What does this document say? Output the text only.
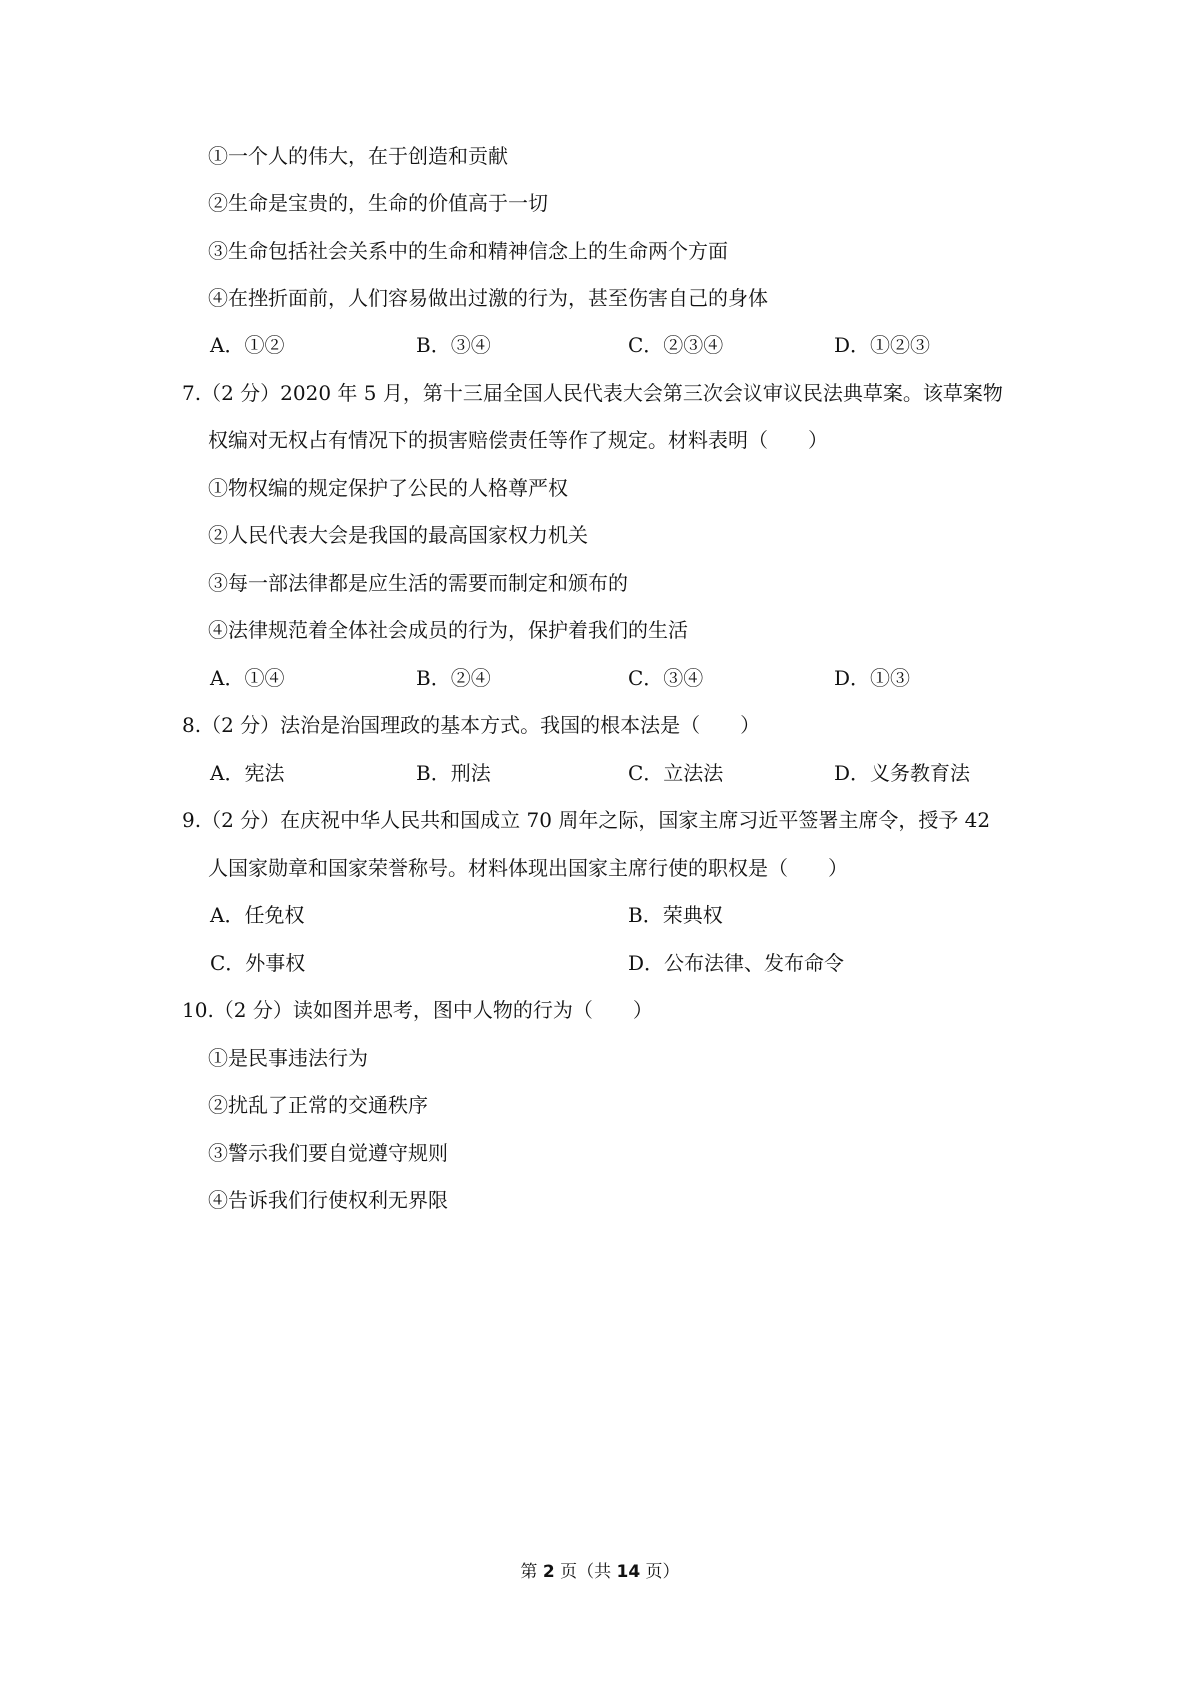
①一个人的伟大，在于创造和贡献
②生命是宝贵的，生命的价值高于一切
③生命包括社会关系中的生命和精神信念上的生命两个方面
④在挫折面前，人们容易做出过激的行为，甚至伤害自己的身体
A．①②	B．③④	C．②③④	D．①②③
7.（2 分）2020 年 5 月，第十三届全国人民代表大会第三次会议审议民法典草案。该草案物
权编对无权占有情况下的损害赔偿责任等作了规定。材料表明（　　）
①物权编的规定保护了公民的人格尊严权
②人民代表大会是我国的最高国家权力机关
③每一部法律都是应生活的需要而制定和颁布的
④法律规范着全体社会成员的行为，保护着我们的生活
A．①④	B．②④	C．③④	D．①③
8.（2 分）法治是治国理政的基本方式。我国的根本法是（　　）
A．宪法	B．刑法	C．立法法	D．义务教育法
9.（2 分）在庆祝中华人民共和国成立 70 周年之际，国家主席习近平签署主席令，授予 42
人国家勋章和国家荣誉称号。材料体现出国家主席行使的职权是（　　）
A．任免权	B．荣典权
C．外事权	D．公布法律、发布命令
10.（2 分）读如图并思考，图中人物的行为（　　）
①是民事违法行为
②扰乱了正常的交通秩序
③警示我们要自觉遵守规则
④告诉我们行使权利无界限
第 2 页（共 14 页）
